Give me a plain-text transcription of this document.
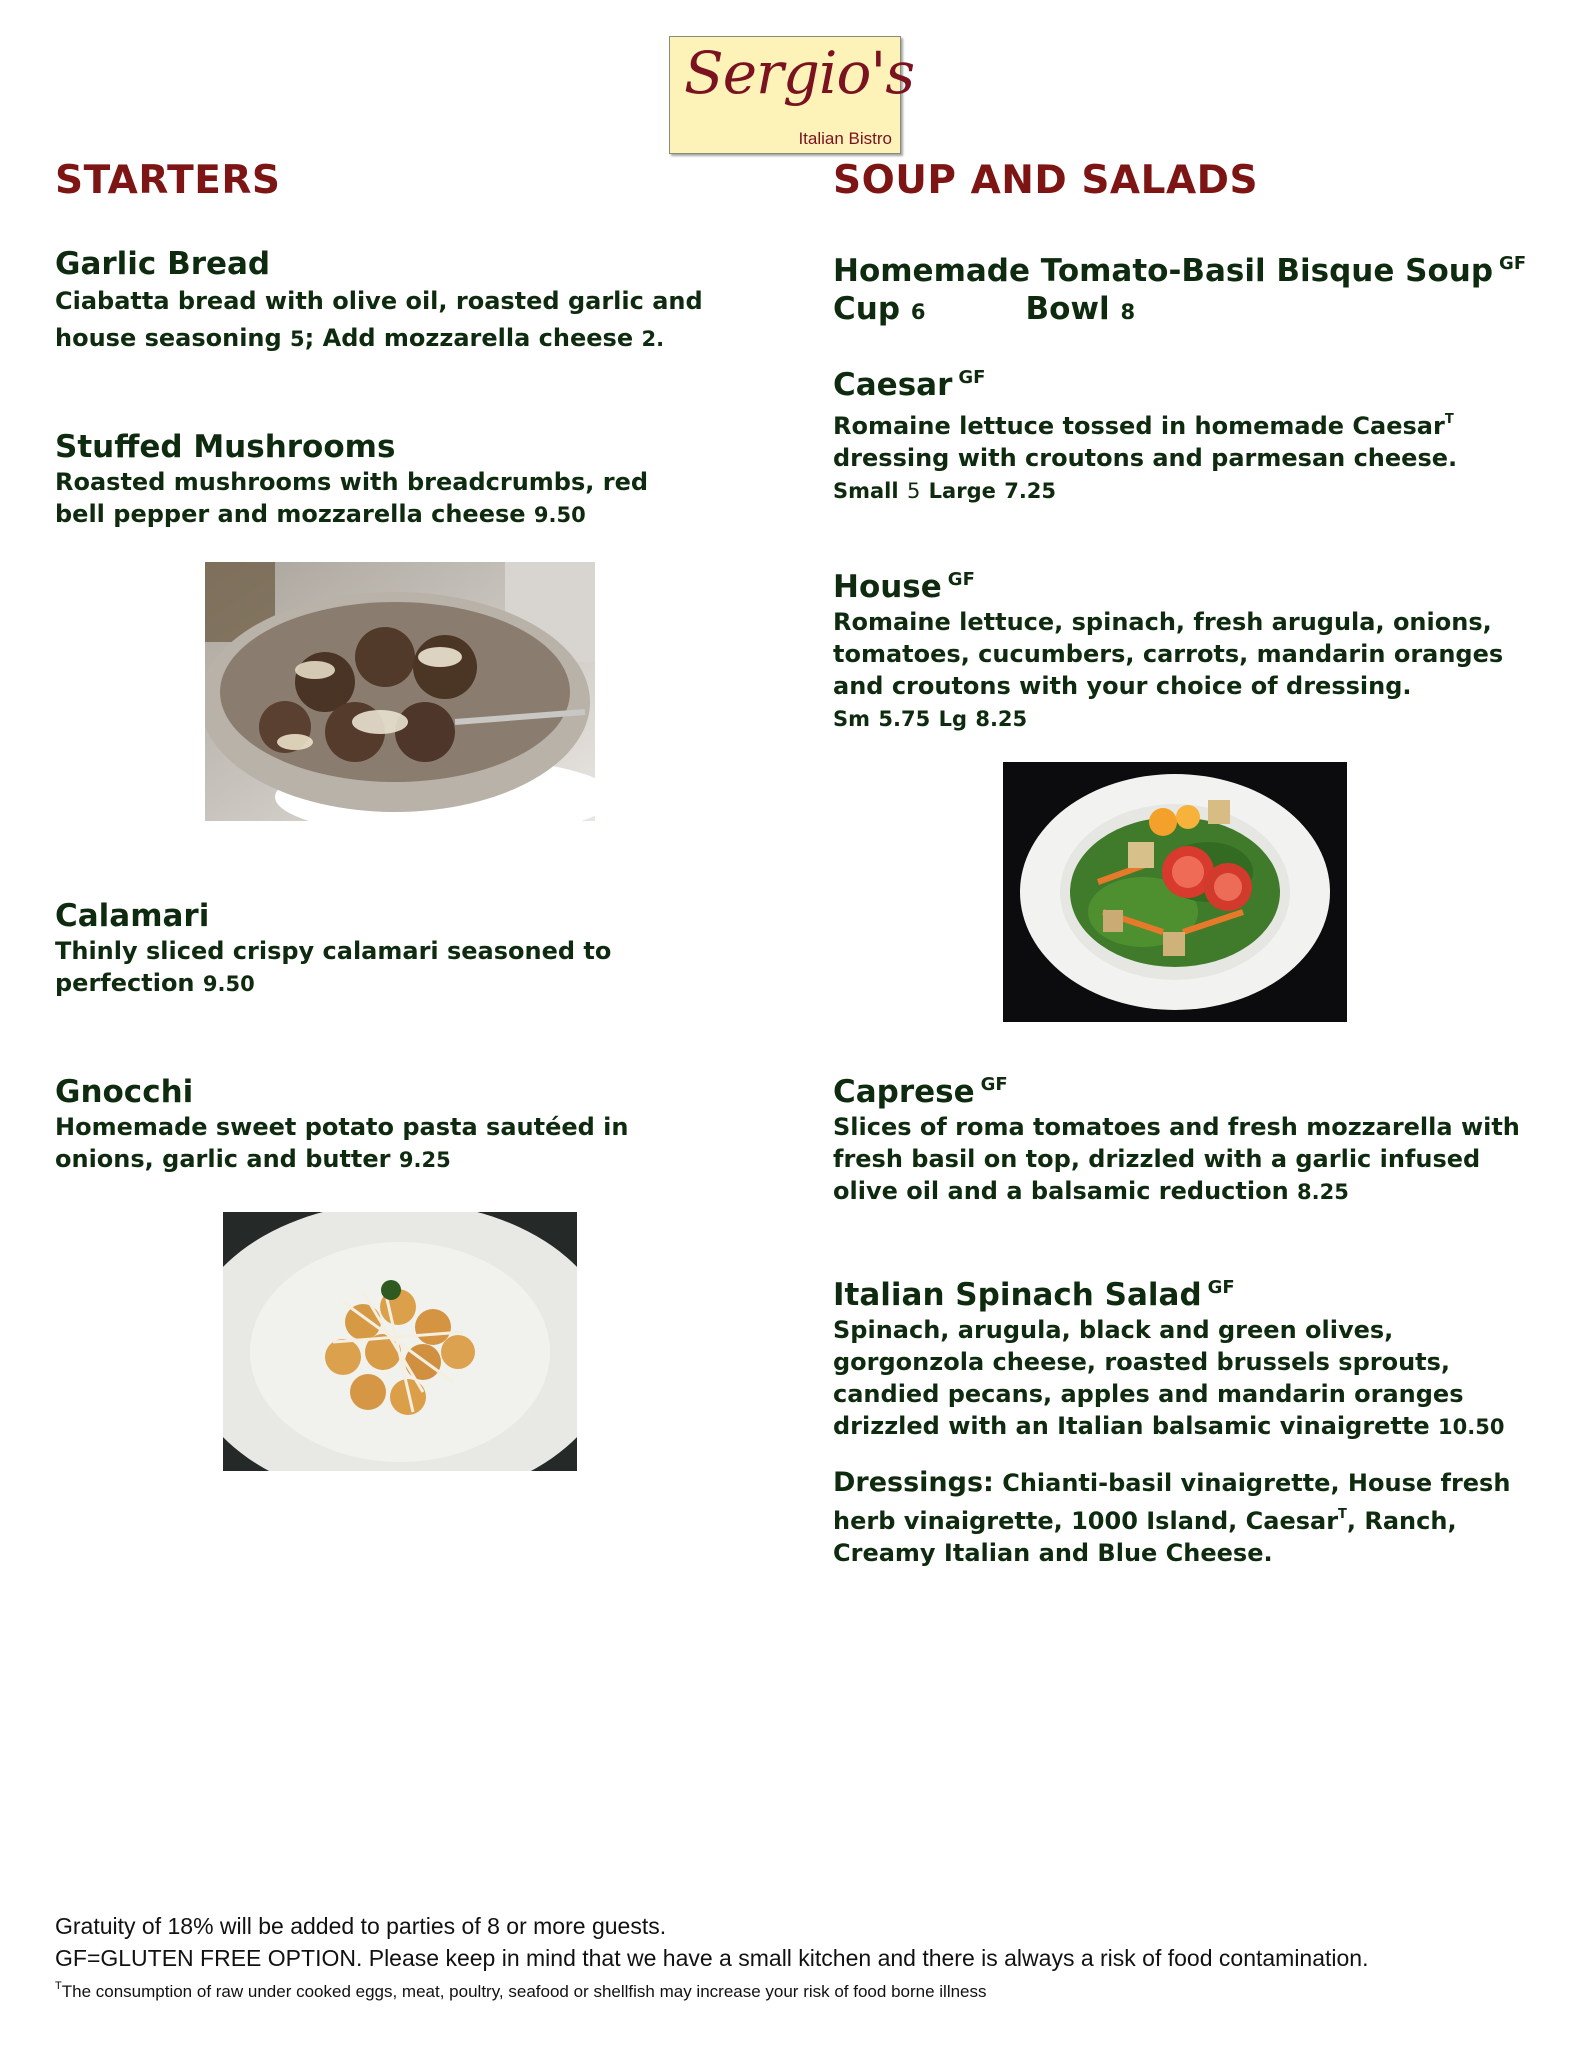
Sergio's
Italian Bistro
STARTERS
Garlic Bread
Ciabatta bread with olive oil, roasted garlic and house seasoning 5; Add mozzarella cheese 2.
Stuffed Mushrooms
Roasted mushrooms with breadcrumbs, red bell pepper and mozzarella cheese 9.50
Calamari
Thinly sliced crispy calamari seasoned to perfection 9.50
Gnocchi
Homemade sweet potato pasta sautéed in onions, garlic and butter 9.25
SOUP AND SALADS
Homemade Tomato-Basil Bisque Soup $^{GF}$
Cup 6	Bowl 8
Caesar $^{GF}$
Romaine lettuce tossed in homemade Caesar$^T$
dressing with croutons and parmesan cheese.
Small 5 Large 7.25
House $^{GF}$
Romaine lettuce, spinach, fresh arugula, onions, tomatoes, cucumbers, carrots, mandarin oranges and croutons with your choice of dressing.
Sm 5.75 Lg 8.25
Caprese $^{GF}$
Slices of roma tomatoes and fresh mozzarella with fresh basil on top, drizzled with a garlic infused olive oil and a balsamic reduction 8.25
Italian Spinach Salad $^{GF}$
Spinach, arugula, black and green olives, gorgonzola cheese, roasted brussels sprouts, candied pecans, apples and mandarin oranges drizzled with an Italian balsamic vinaigrette 10.50
Dressings: Chianti-basil vinaigrette, House fresh herb vinaigrette, 1000 Island, Caesar$^T$, Ranch, Creamy Italian and Blue Cheese.
Gratuity of 18% will be added to parties of 8 or more guests.
GF=GLUTEN FREE OPTION. Please keep in mind that we have a small kitchen and there is always a risk of food contamination.
$^T$The consumption of raw under cooked eggs, meat, poultry, seafood or shellfish may increase your risk of food borne illness
